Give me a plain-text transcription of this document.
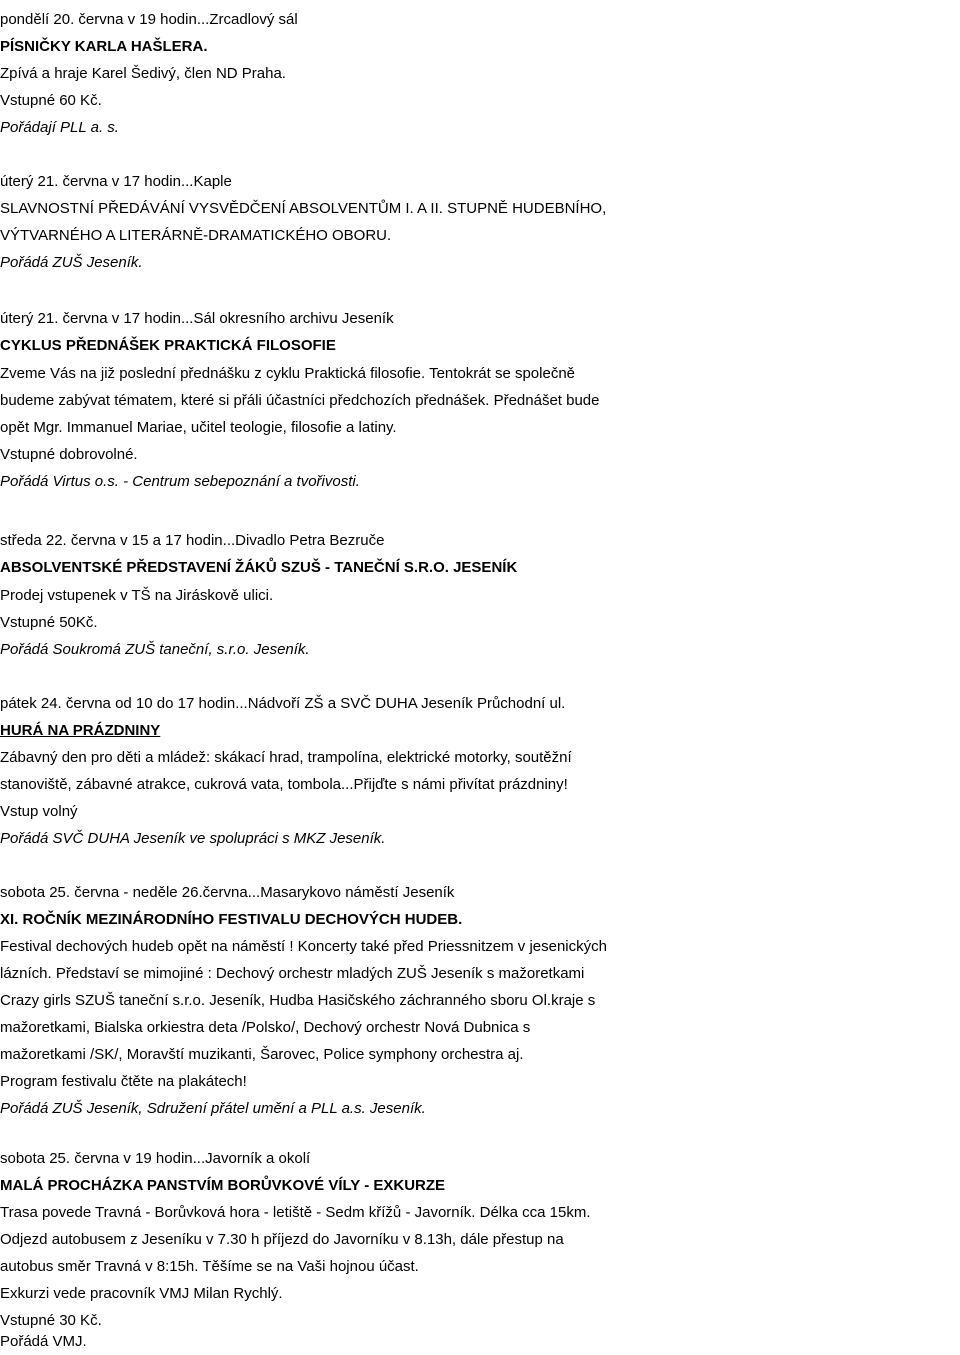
pondělí 20. června v 19 hodin...Zrcadlový sál
PÍSNIČKY KARLA HAŠLERA.
Zpívá a hraje Karel Šedivý, člen ND Praha.
Vstupné 60 Kč.
Pořádají PLL a. s.
úterý 21. června v 17 hodin...Kaple
SLAVNOSTNÍ PŘEDÁVÁNÍ VYSVĚDČENÍ ABSOLVENTŮM I. A II. STUPNĚ HUDEBNÍHO,
VÝTVARNÉHO A LITERÁRNĚ-DRAMATICKÉHO OBORU.
Pořádá ZUŠ Jeseník.
úterý 21. června v 17 hodin...Sál okresního archivu Jeseník
CYKLUS PŘEDNÁŠEK PRAKTICKÁ FILOSOFIE
Zveme Vás na již poslední přednášku z cyklu Praktická filosofie. Tentokrát se společně
budeme zabývat tématem, které si přáli účastníci předchozích přednášek. Přednášet bude
opět Mgr. Immanuel Mariae, učitel teologie, filosofie a latiny.
Vstupné dobrovolné.
Pořádá Virtus o.s. - Centrum sebepoznání a tvořivosti.
středa 22. června v 15 a 17 hodin...Divadlo Petra Bezruče
ABSOLVENTSKÉ PŘEDSTAVENÍ ŽÁKŮ SZUŠ - TANEČNÍ S.R.O. JESENÍK
Prodej vstupenek v TŠ na Jiráskově ulici.
Vstupné 50Kč.
Pořádá Soukromá ZUŠ taneční, s.r.o. Jeseník.
pátek 24. června od 10 do 17 hodin...Nádvoří ZŠ a SVČ DUHA Jeseník Průchodní ul.
HURÁ NA PRÁZDNINY
Zábavný den pro děti a mládež: skákací hrad, trampolína, elektrické motorky, soutěžní
stanoviště, zábavné atrakce, cukrová vata, tombola...Přijďte s námi přivítat prázdniny!
Vstup volný
Pořádá SVČ DUHA Jeseník ve spolupráci s MKZ Jeseník.
sobota 25. června - neděle 26.června...Masarykovo náměstí Jeseník
XI. ROČNÍK MEZINÁRODNÍHO FESTIVALU DECHOVÝCH HUDEB.
Festival dechových hudeb opět na náměstí ! Koncerty také před Priessnitzem v jesenických
lázních. Představí se mimojiné : Dechový orchestr mladých ZUŠ Jeseník s mažoretkami
Crazy girls SZUŠ taneční s.r.o. Jeseník, Hudba Hasičského záchranného sboru Ol.kraje s
mažoretkami, Bialska orkiestra deta /Polsko/, Dechový orchestr Nová Dubnica s
mažoretkami /SK/, Moravští muzikanti, Šarovec, Police symphony orchestra aj.
Program festivalu čtěte na plakátech!
Pořádá ZUŠ Jeseník, Sdružení přátel umění a PLL a.s. Jeseník.
sobota 25. června v 19 hodin...Javorník a okolí
MALÁ PROCHÁZKA PANSTVÍM BORŮVKOVÉ VÍLY - EXKURZE
Trasa povede Travná - Borůvková hora - letiště - Sedm křížů - Javorník. Délka cca 15km.
Odjezd autobusem z Jeseníku v 7.30 h příjezd do Javorníku v 8.13h, dále přestup na
autobus směr Travná v 8:15h. Těšíme se na Vaši hojnou účast.
Exkurzi vede pracovník VMJ Milan Rychlý.
Vstupné 30 Kč.
Pořádá VMJ.
